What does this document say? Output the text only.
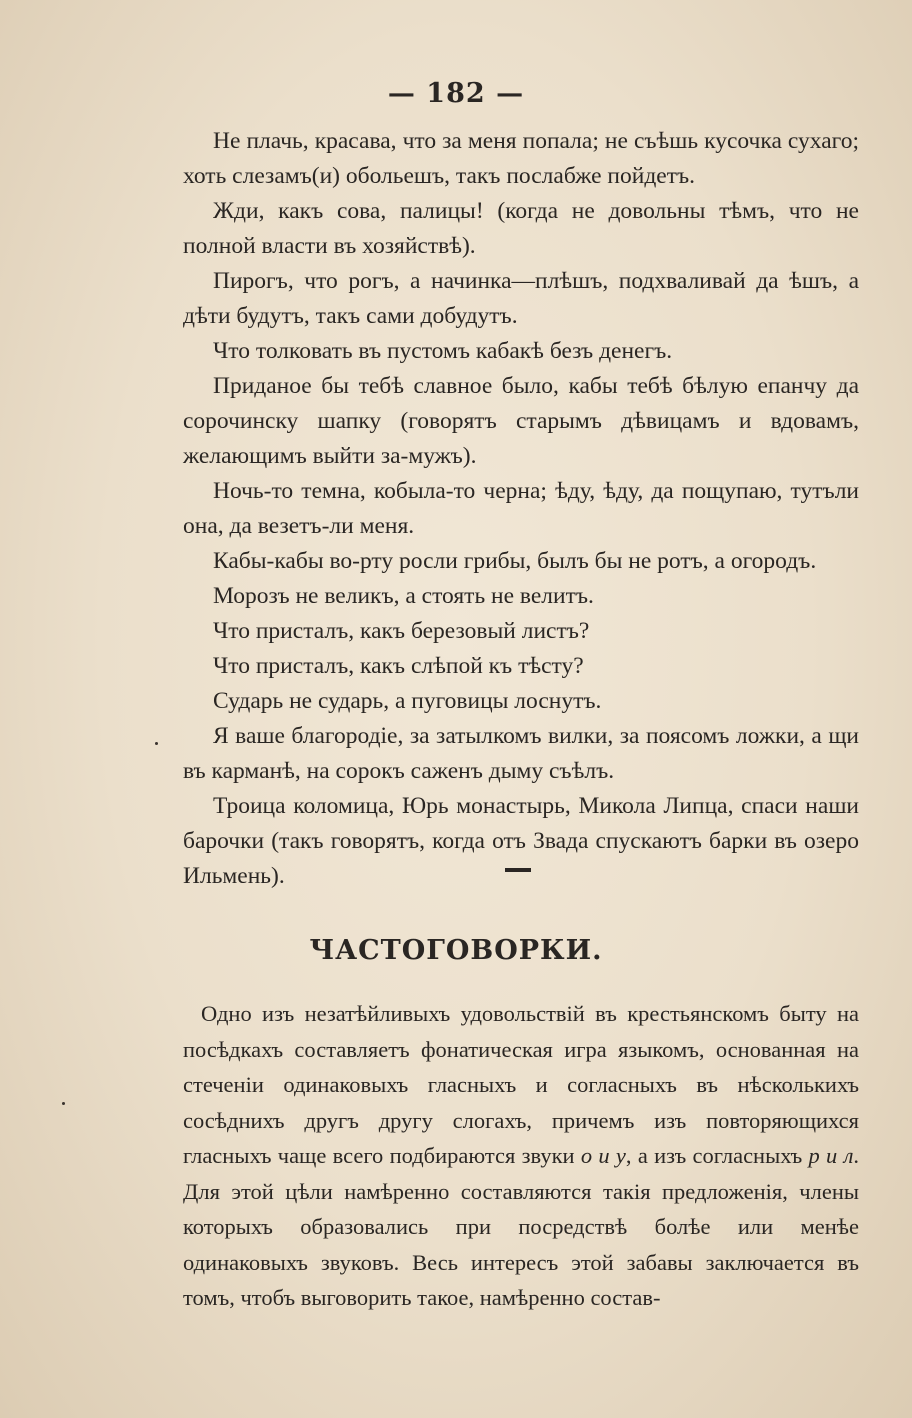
— 182 —

Не плачь, красава, что за меня попала; не съѣшь кусочка сухаго; хоть слезамъ(и) обольешъ, такъ послабже пойдетъ.

Жди, какъ сова, палицы! (когда не довольны тѣмъ, что не полной власти въ хозяйствѣ).

Пирогъ, что рогъ, а начинка—плѣшъ, подхваливай да ѣшъ, а дѣти будутъ, такъ сами добудутъ.

Что толковать въ пустомъ кабакѣ безъ денегъ.

Приданое бы тебѣ славное было, кабы тебѣ бѣлую епанчу да сорочинску шапку (говорятъ старымъ дѣвицамъ и вдовамъ, желающимъ выйти за-мужъ).

Ночь-то темна, кобыла-то черна; ѣду, ѣду, да пощупаю, тутъли она, да везетъ-ли меня.

Кабы-кабы во-рту росли грибы, былъ бы не ротъ, а огородъ.

Морозъ не великъ, а стоять не велитъ.

Что присталъ, какъ березовый листъ?

Что присталъ, какъ слѣпой къ тѣсту?

Сударь не сударь, а пуговицы лоснутъ.

Я ваше благородіе, за затылкомъ вилки, за поясомъ ложки, а щи въ карманѣ, на сорокъ саженъ дыму съѣлъ.

Троица коломица, Юрь монастырь, Микола Липца, спаси наши барочки (такъ говорятъ, когда отъ Звада спускаютъ барки въ озеро Ильмень).

ЧАСТОГОВОРКИ.

Одно изъ незатѣйливыхъ удовольствій въ крестьянскомъ быту на посѣдкахъ составляетъ фонатическая игра языкомъ, основанная на стеченіи одинаковыхъ гласныхъ и согласныхъ въ нѣсколькихъ сосѣднихъ другъ другу слогахъ, причемъ изъ повторяющихся гласныхъ чаще всего подбираются звуки о и у, а изъ согласныхъ р и л. Для этой цѣли намѣренно составляются такія предложенія, члены которыхъ образовались при посредствѣ болѣе или менѣе одинаковыхъ звуковъ. Весь интересъ этой забавы заключается въ томъ, чтобъ выговорить такое, намѣренно состав-
